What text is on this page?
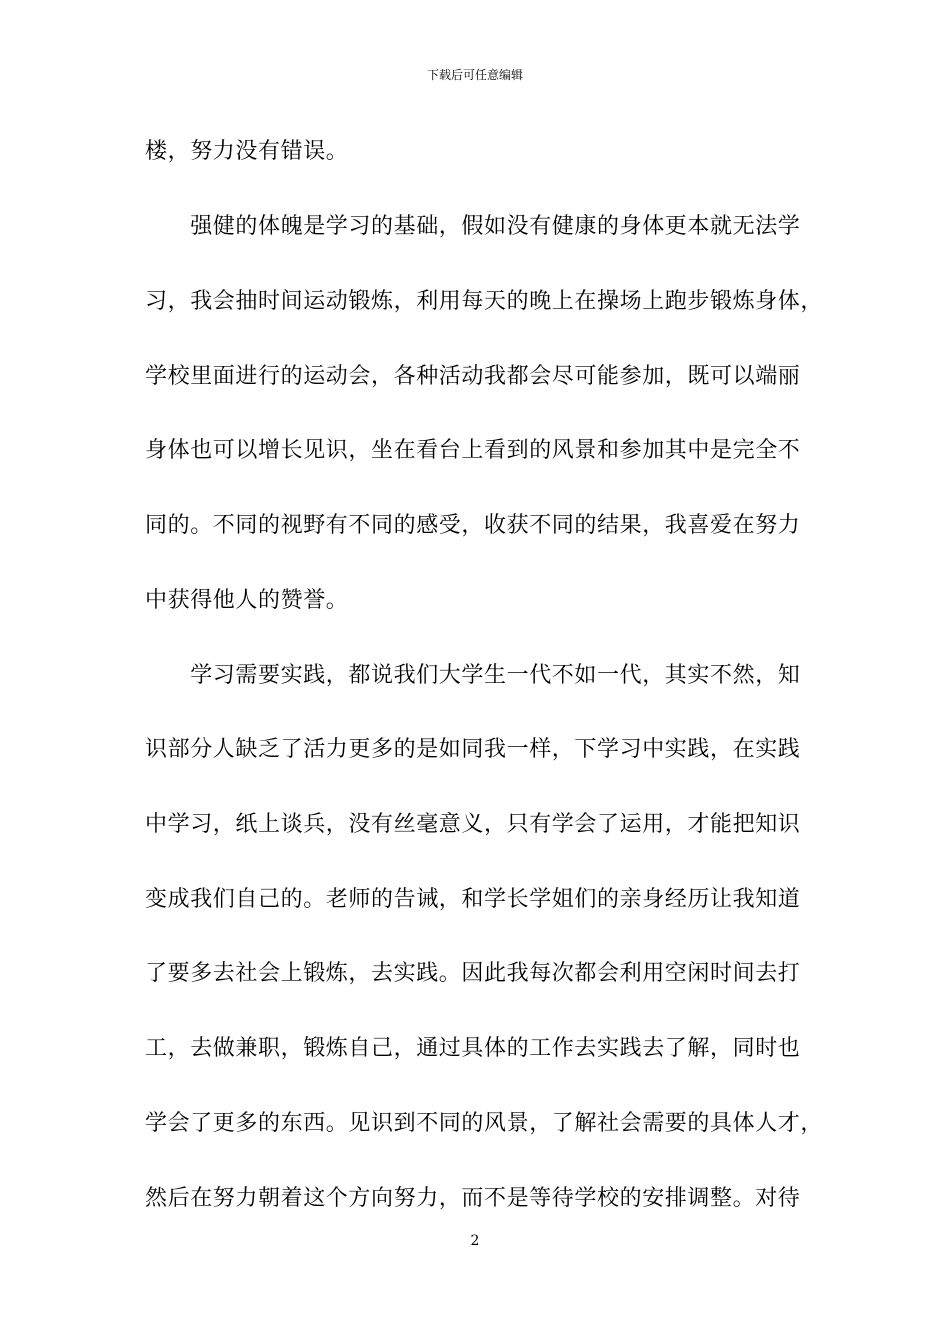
下载后可任意编辑
楼，努力没有错误。
　　强健的体魄是学习的基础，假如没有健康的身体更本就无法学
习，我会抽时间运动锻炼，利用每天的晚上在操场上跑步锻炼身体，
学校里面进行的运动会，各种活动我都会尽可能参加，既可以端丽
身体也可以增长见识，坐在看台上看到的风景和参加其中是完全不
同的。不同的视野有不同的感受，收获不同的结果，我喜爱在努力
中获得他人的赞誉。
　　学习需要实践，都说我们大学生一代不如一代，其实不然，知
识部分人缺乏了活力更多的是如同我一样，下学习中实践，在实践
中学习，纸上谈兵，没有丝毫意义，只有学会了运用，才能把知识
变成我们自己的。老师的告诫，和学长学姐们的亲身经历让我知道
了要多去社会上锻炼，去实践。因此我每次都会利用空闲时间去打
工，去做兼职，锻炼自己，通过具体的工作去实践去了解，同时也
学会了更多的东西。见识到不同的风景，了解社会需要的具体人才，
然后在努力朝着这个方向努力，而不是等待学校的安排调整。对待
2
